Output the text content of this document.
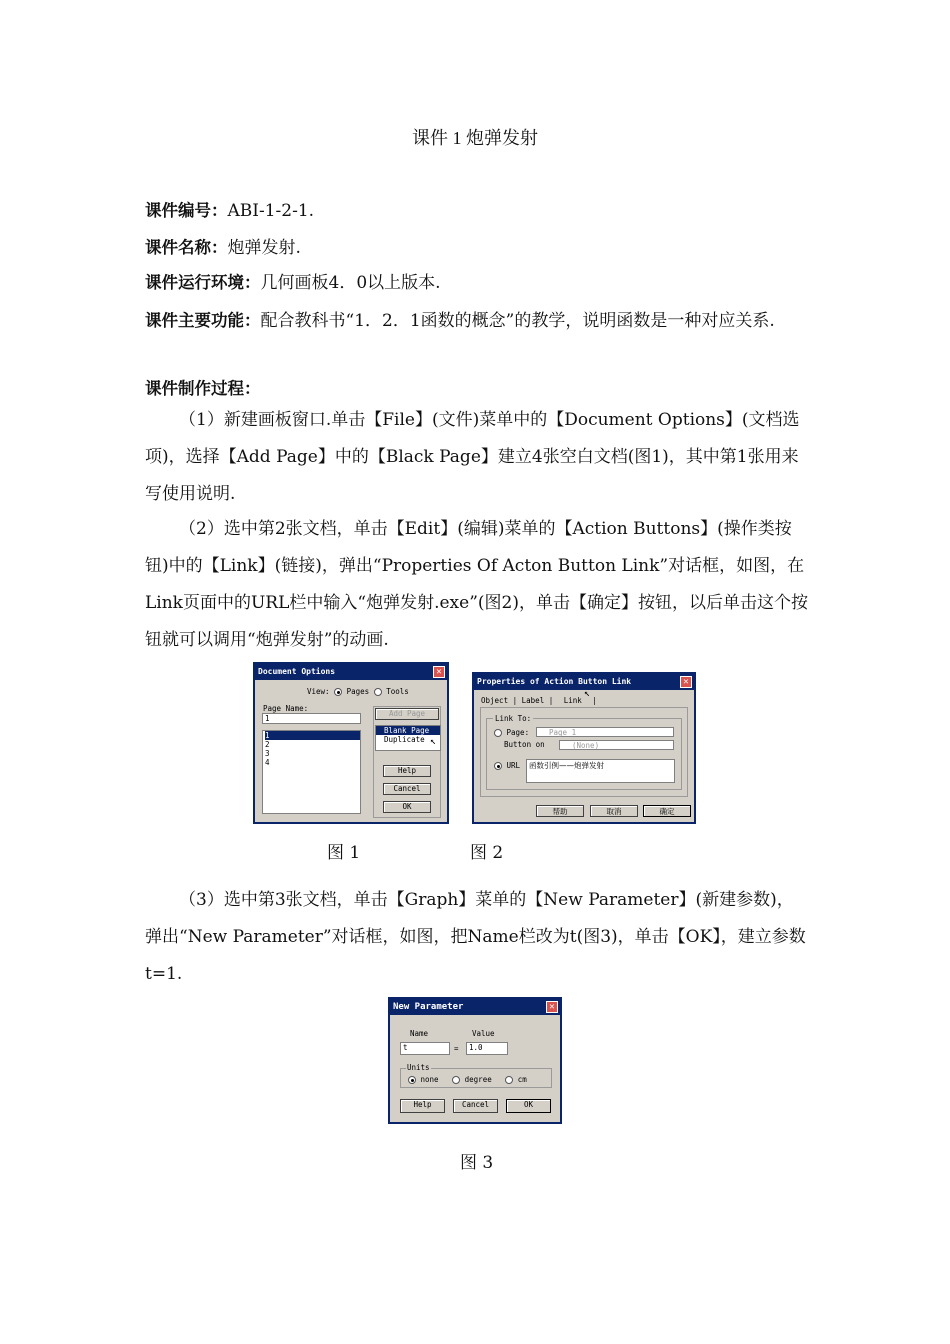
课件 1 炮弹发射
课件编号：ABⅠ-1-2-1.
课件名称：炮弹发射.
课件运行环境：几何画板4．0以上版本.
课件主要功能：配合教科书“1．2．1函数的概念”的教学，说明函数是一种对应关系.
课件制作过程：
（1）新建画板窗口.单击【File】(文件)菜单中的【Document Options】(文档选项)，选择【Add Page】中的【Black Page】建立4张空白文档(图1)，其中第1张用来写使用说明.
（2）选中第2张文档，单击【Edit】(编辑)菜单的【Action Buttons】(操作类按钮)中的【Link】(链接)，弹出“Properties Of Acton Button Link”对话框，如图，在Link页面中的URL栏中输入“炮弹发射.exe”(图2)，单击【确定】按钮，以后单击这个按钮就可以调用“炮弹发射”的动画.
Document Options	✕
View: Pages Tools
Page Name:
1
1
2
3
4
Add Page
Blank Page
Duplicate ↖
Help
Cancel
OK
Properties of Action Button Link	✕
Object | Label | Link |
↖
Link To:
Page:	Page 1
Button on	(None)
URL	函数引例——炮弹发射
帮助	取消	确定
图 1	图 2
（3）选中第3张文档，单击【Graph】菜单的【New Parameter】(新建参数)，弹出“New Parameter”对话框，如图，把Name栏改为t(图3)，单击【OK】，建立参数t=1.
New Parameter	✕
Name	Value
t	=	1.0
Units
none	degree	cm
Help	Cancel	OK
图 3
